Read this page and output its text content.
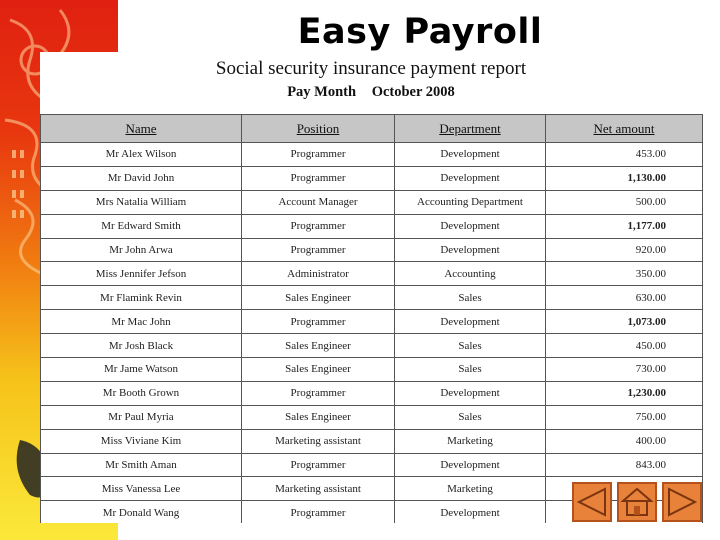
Easy Payroll
Social security insurance payment report
Pay Month October 2008
Name	Position	Department	Net amount
Mr Alex Wilson	Programmer	Development	453.00
Mr David John	Programmer	Development	1,130.00
Mrs Natalia William	Account Manager	Accounting Department	500.00
Mr Edward Smith	Programmer	Development	1,177.00
Mr John Arwa	Programmer	Development	920.00
Miss Jennifer Jefson	Administrator	Accounting	350.00
Mr Flamink Revin	Sales Engineer	Sales	630.00
Mr Mac John	Programmer	Development	1,073.00
Mr Josh Black	Sales Engineer	Sales	450.00
Mr Jame Watson	Sales Engineer	Sales	730.00
Mr Booth Grown	Programmer	Development	1,230.00
Mr Paul Myria	Sales Engineer	Sales	750.00
Miss Viviane Kim	Marketing assistant	Marketing	400.00
Mr Smith Aman	Programmer	Development	843.00
Miss Vanessa Lee	Marketing assistant	Marketing	
Mr Donald Wang	Programmer	Development	
